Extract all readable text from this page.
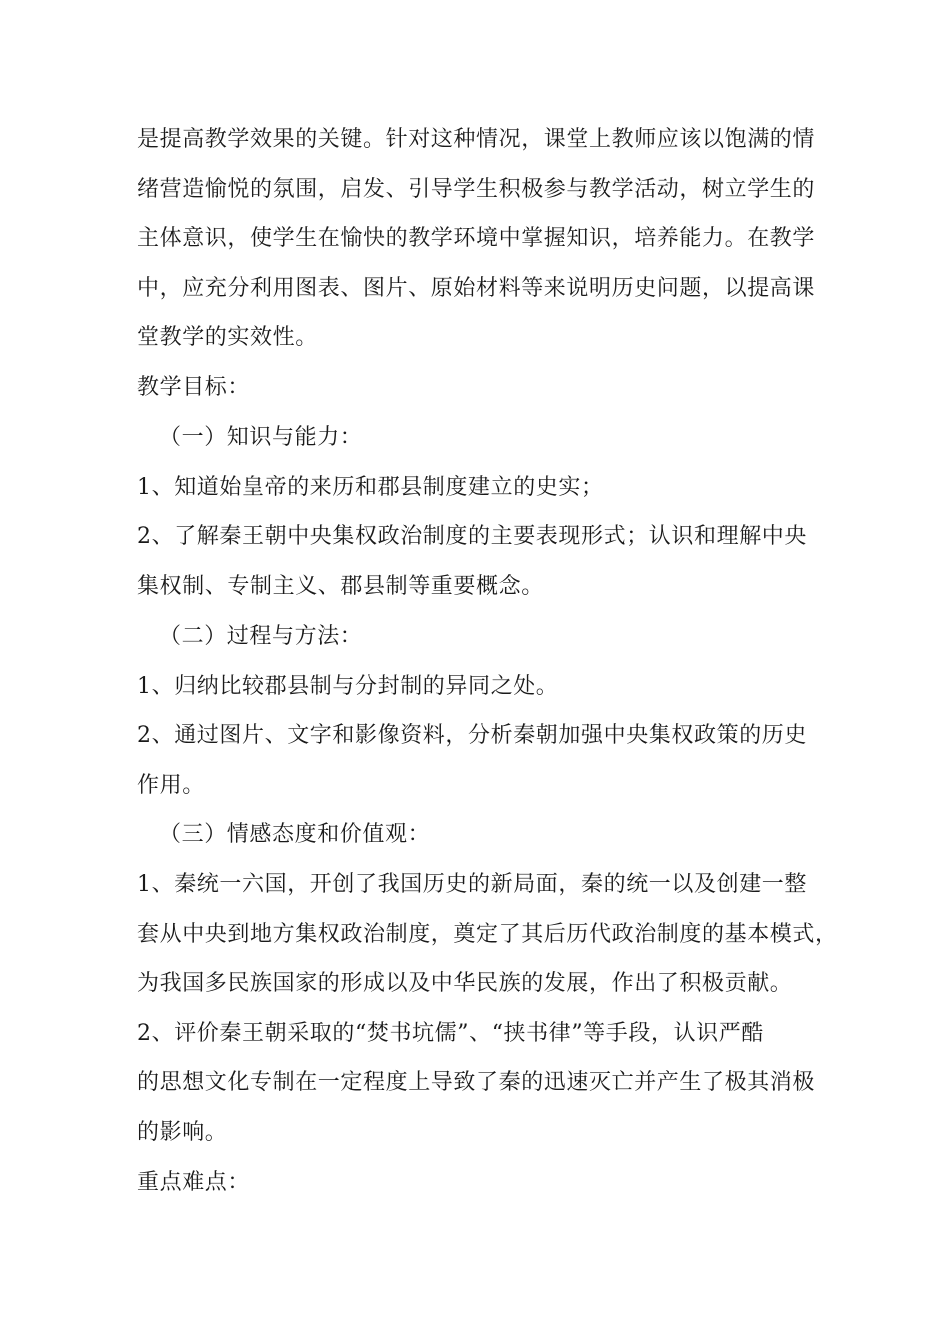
是提高教学效果的关键。针对这种情况，课堂上教师应该以饱满的情
绪营造愉悦的氛围，启发、引导学生积极参与教学活动，树立学生的
主体意识，使学生在愉快的教学环境中掌握知识，培养能力。在教学
中，应充分利用图表、图片、原始材料等来说明历史问题，以提高课
堂教学的实效性。
教学目标：
（一）知识与能力：
1、知道始皇帝的来历和郡县制度建立的史实；
2、了解秦王朝中央集权政治制度的主要表现形式；认识和理解中央
集权制、专制主义、郡县制等重要概念。
（二）过程与方法：
1、归纳比较郡县制与分封制的异同之处。
2、通过图片、文字和影像资料，分析秦朝加强中央集权政策的历史
作用。
（三）情感态度和价值观：
1、秦统一六国，开创了我国历史的新局面，秦的统一以及创建一整
套从中央到地方集权政治制度，奠定了其后历代政治制度的基本模式，
为我国多民族国家的形成以及中华民族的发展，作出了积极贡献。
2、评价秦王朝采取的“焚书坑儒”、“挟书律”等手段，认识严酷
的思想文化专制在一定程度上导致了秦的迅速灭亡并产生了极其消极
的影响。
重点难点：
